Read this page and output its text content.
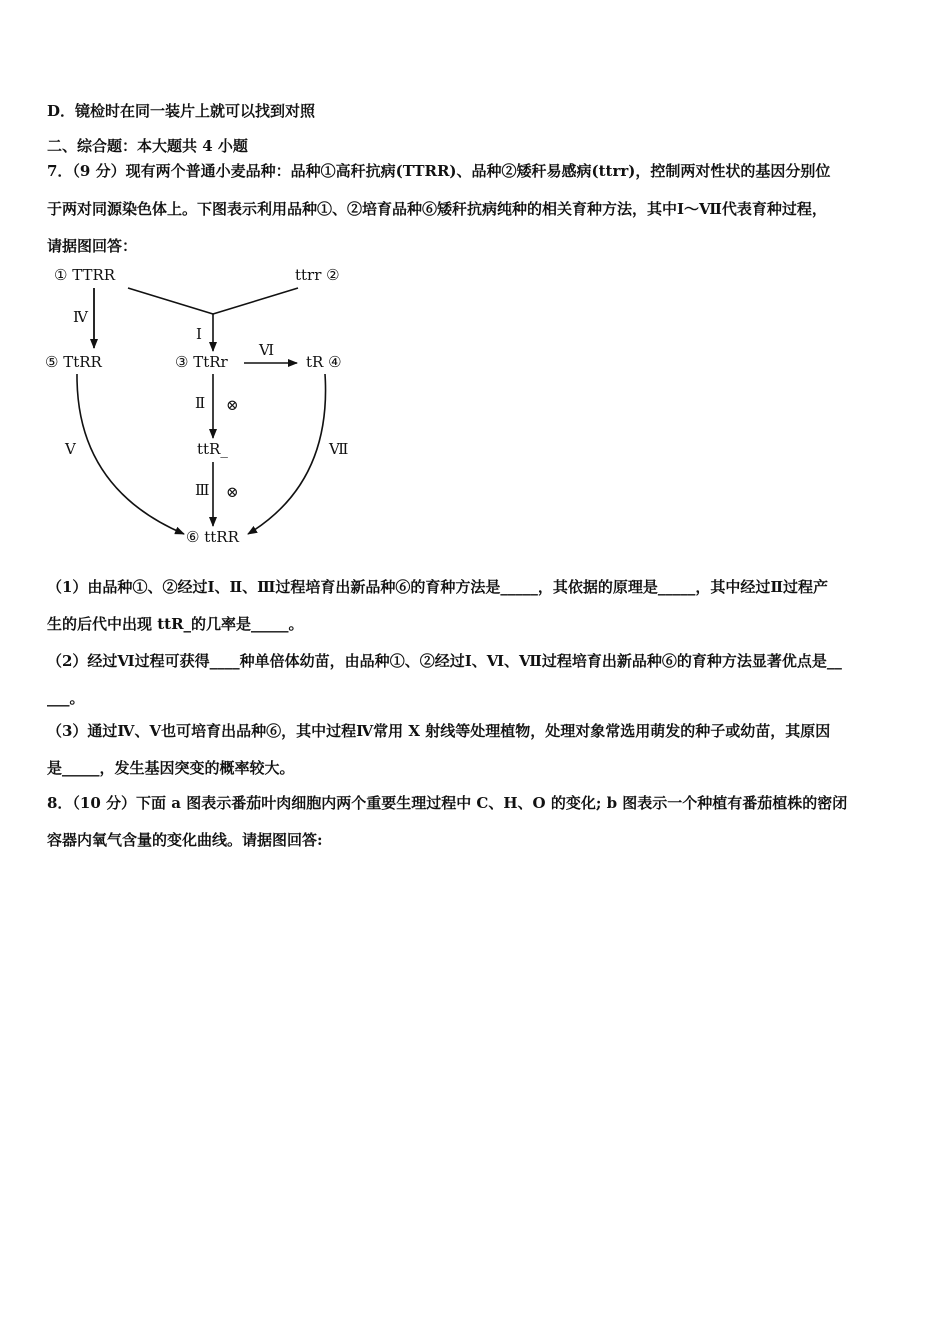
D．镜检时在同一装片上就可以找到对照
二、综合题：本大题共 4 小题
7．（9 分）现有两个普通小麦品种：品种①高秆抗病(TTRR)、品种②矮秆易感病(ttrr)，控制两对性状的基因分别位
于两对同源染色体上。下图表示利用品种①、②培育品种⑥矮秆抗病纯种的相关育种方法，其中Ⅰ～Ⅶ代表育种过程，
请据图回答：
① TTRR	ttrr ②
⑤ TtRR	③ TtRr	tR ④
ttR_
⑥ ttRR
Ⅰ
Ⅳ
Ⅵ
Ⅱ ⊗
Ⅲ ⊗
Ⅴ	Ⅶ
（1）由品种①、②经过Ⅰ、Ⅱ、Ⅲ过程培育出新品种⑥的育种方法是_____，其依据的原理是_____，其中经过Ⅱ过程产
生的后代中出现 ttR_的几率是_____。
（2）经过Ⅵ过程可获得____种单倍体幼苗，由品种①、②经过Ⅰ、Ⅵ、Ⅶ过程培育出新品种⑥的育种方法显著优点是__
___。
（3）通过Ⅳ、Ⅴ也可培育出品种⑥，其中过程Ⅳ常用 X 射线等处理植物，处理对象常选用萌发的种子或幼苗，其原因
是_____，发生基因突变的概率较大。
8．（10 分）下面 a 图表示番茄叶肉细胞内两个重要生理过程中 C、H、O 的变化; b 图表示一个种植有番茄植株的密闭
容器内氧气含量的变化曲线。请据图回答:
